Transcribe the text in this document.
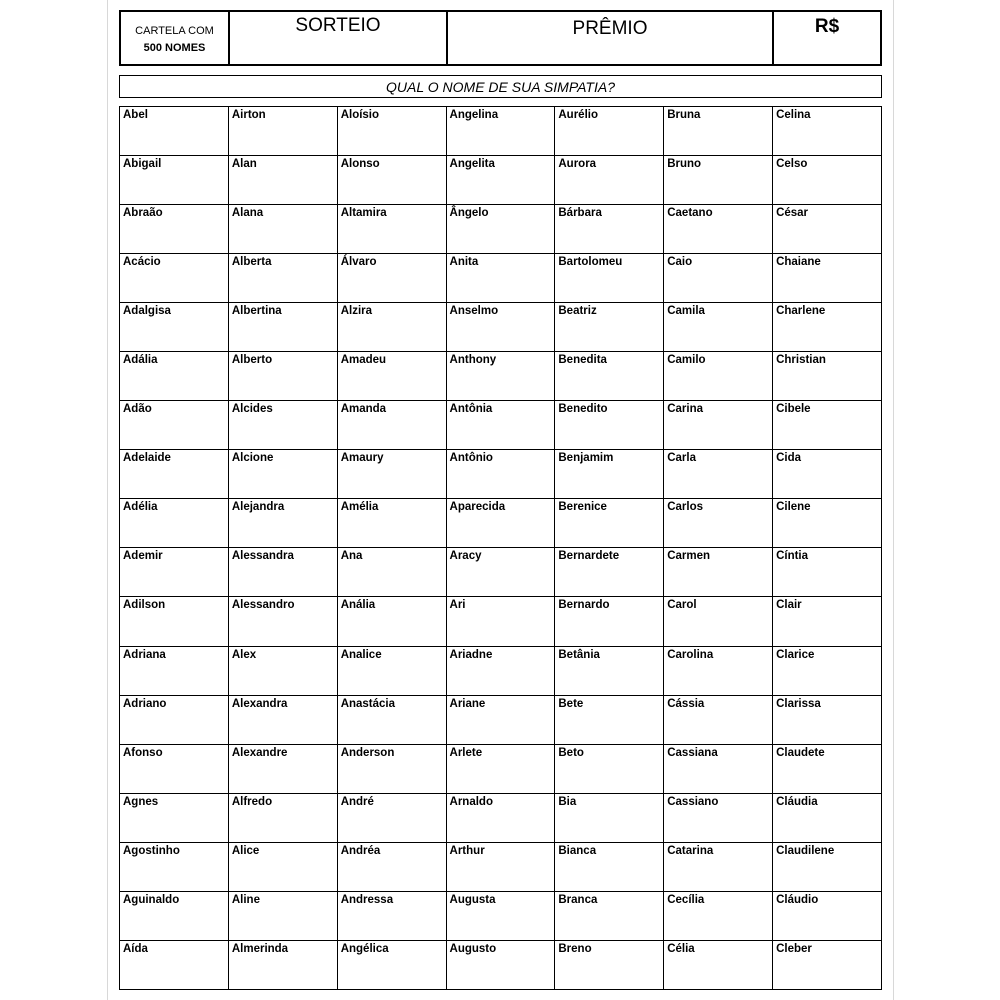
CARTELA COM
500 NOMES
SORTEIO	PRÊMIO	R$
QUAL O NOME DE SUA SIMPATIA?
Abel	Airton	Aloísio	Angelina	Aurélio	Bruna	Celina
Abigail	Alan	Alonso	Angelita	Aurora	Bruno	Celso
Abraão	Alana	Altamira	Ângelo	Bárbara	Caetano	César
Acácio	Alberta	Álvaro	Anita	Bartolomeu	Caio	Chaiane
Adalgisa	Albertina	Alzira	Anselmo	Beatriz	Camila	Charlene
Adália	Alberto	Amadeu	Anthony	Benedita	Camilo	Christian
Adão	Alcides	Amanda	Antônia	Benedito	Carina	Cibele
Adelaide	Alcione	Amaury	Antônio	Benjamim	Carla	Cida
Adélia	Alejandra	Amélia	Aparecida	Berenice	Carlos	Cilene
Ademir	Alessandra	Ana	Aracy	Bernardete	Carmen	Cíntia
Adilson	Alessandro	Anália	Ari	Bernardo	Carol	Clair
Adriana	Alex	Analice	Ariadne	Betânia	Carolina	Clarice
Adriano	Alexandra	Anastácia	Ariane	Bete	Cássia	Clarissa
Afonso	Alexandre	Anderson	Arlete	Beto	Cassiana	Claudete
Agnes	Alfredo	André	Arnaldo	Bia	Cassiano	Cláudia
Agostinho	Alice	Andréa	Arthur	Bianca	Catarina	Claudilene
Aguinaldo	Aline	Andressa	Augusta	Branca	Cecília	Cláudio
Aída	Almerinda	Angélica	Augusto	Breno	Célia	Cleber
